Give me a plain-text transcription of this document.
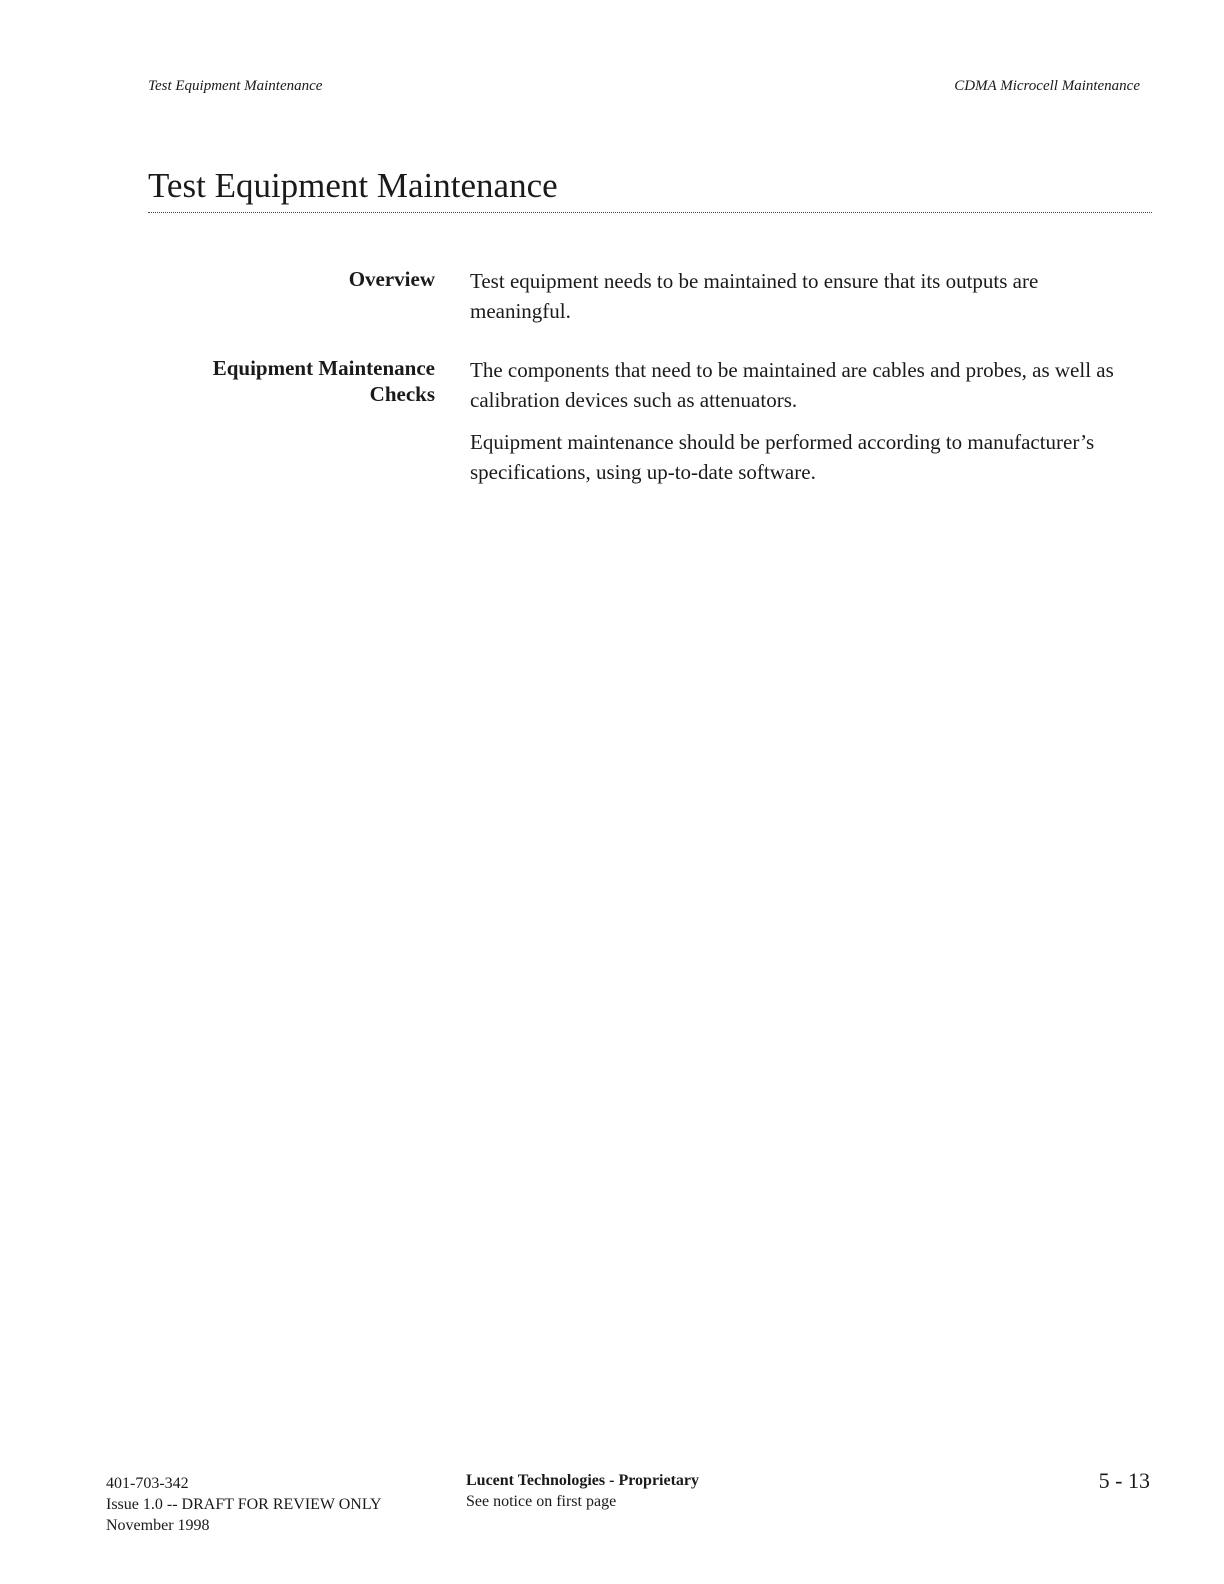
Test Equipment Maintenance	CDMA Microcell Maintenance
Test Equipment Maintenance
Overview Test equipment needs to be maintained to ensure that its outputs are meaningful.

Equipment Maintenance
Checks

The components that need to be maintained are cables and probes, as well as calibration devices such as attenuators.

Equipment maintenance should be performed according to manufacturer’s specifications, using up-to-date software.

401-703-342
Issue 1.0 -- DRAFT FOR REVIEW ONLY
November 1998
Lucent Technologies - Proprietary
See notice on first page
5 - 13
